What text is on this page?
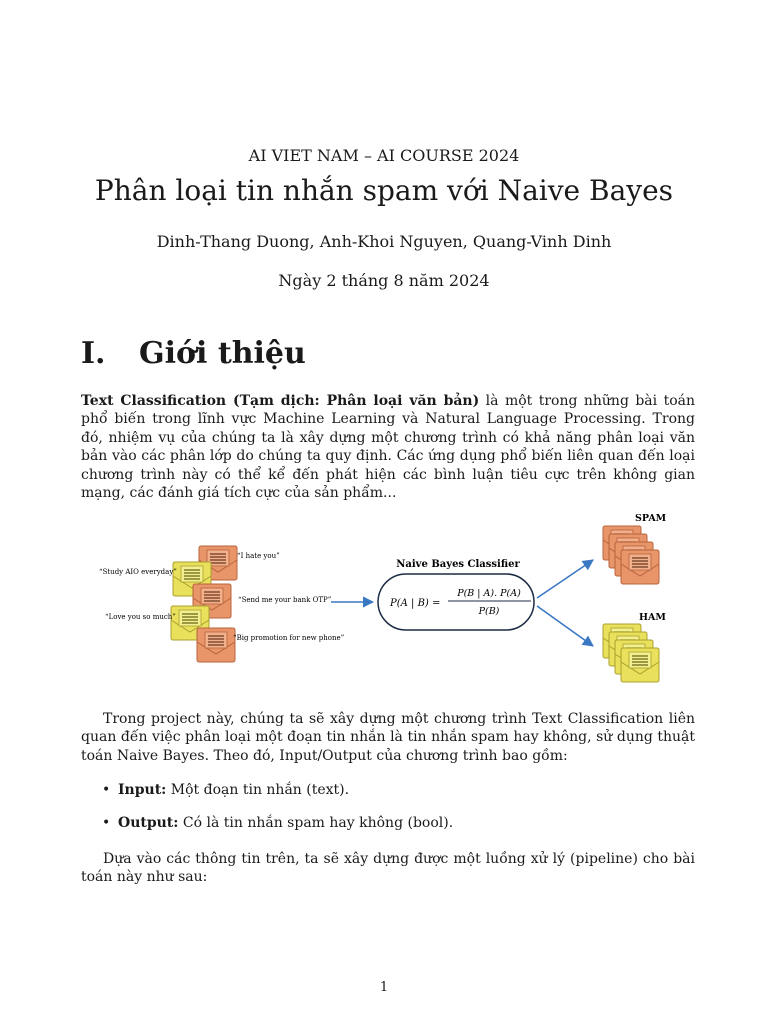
AI VIET NAM – AI COURSE 2024
Phân loại tin nhắn spam với Naive Bayes
Dinh-Thang Duong, Anh-Khoi Nguyen, Quang-Vinh Dinh
Ngày 2 tháng 8 năm 2024
I. Giới thiệu
Text Classification (Tạm dịch: Phân loại văn bản) là một trong những bài toán phổ biến trong lĩnh vực Machine Learning và Natural Language Processing. Trong đó, nhiệm vụ của chúng ta là xây dựng một chương trình có khả năng phân loại văn bản vào các phân lớp do chúng ta quy định. Các ứng dụng phổ biến liên quan đến loại chương trình này có thể kể đến phát hiện các bình luận tiêu cực trên không gian mạng, các đánh giá tích cực của sản phẩm...
“I hate you”
“Study AIO everyday”
“Send me your bank OTP”
“Love you so much”
“Big promotion for new phone”
Naive Bayes Classifier
P(A | B) =
P(B | A). P(A)
P(B)
SPAM
HAM
Trong project này, chúng ta sẽ xây dựng một chương trình Text Classification liên quan đến việc phân loại một đoạn tin nhắn là tin nhắn spam hay không, sử dụng thuật toán Naive Bayes. Theo đó, Input/Output của chương trình bao gồm:
• Input: Một đoạn tin nhắn (text).
• Output: Có là tin nhắn spam hay không (bool).
Dựa vào các thông tin trên, ta sẽ xây dựng được một luồng xử lý (pipeline) cho bài toán này như sau:
1
